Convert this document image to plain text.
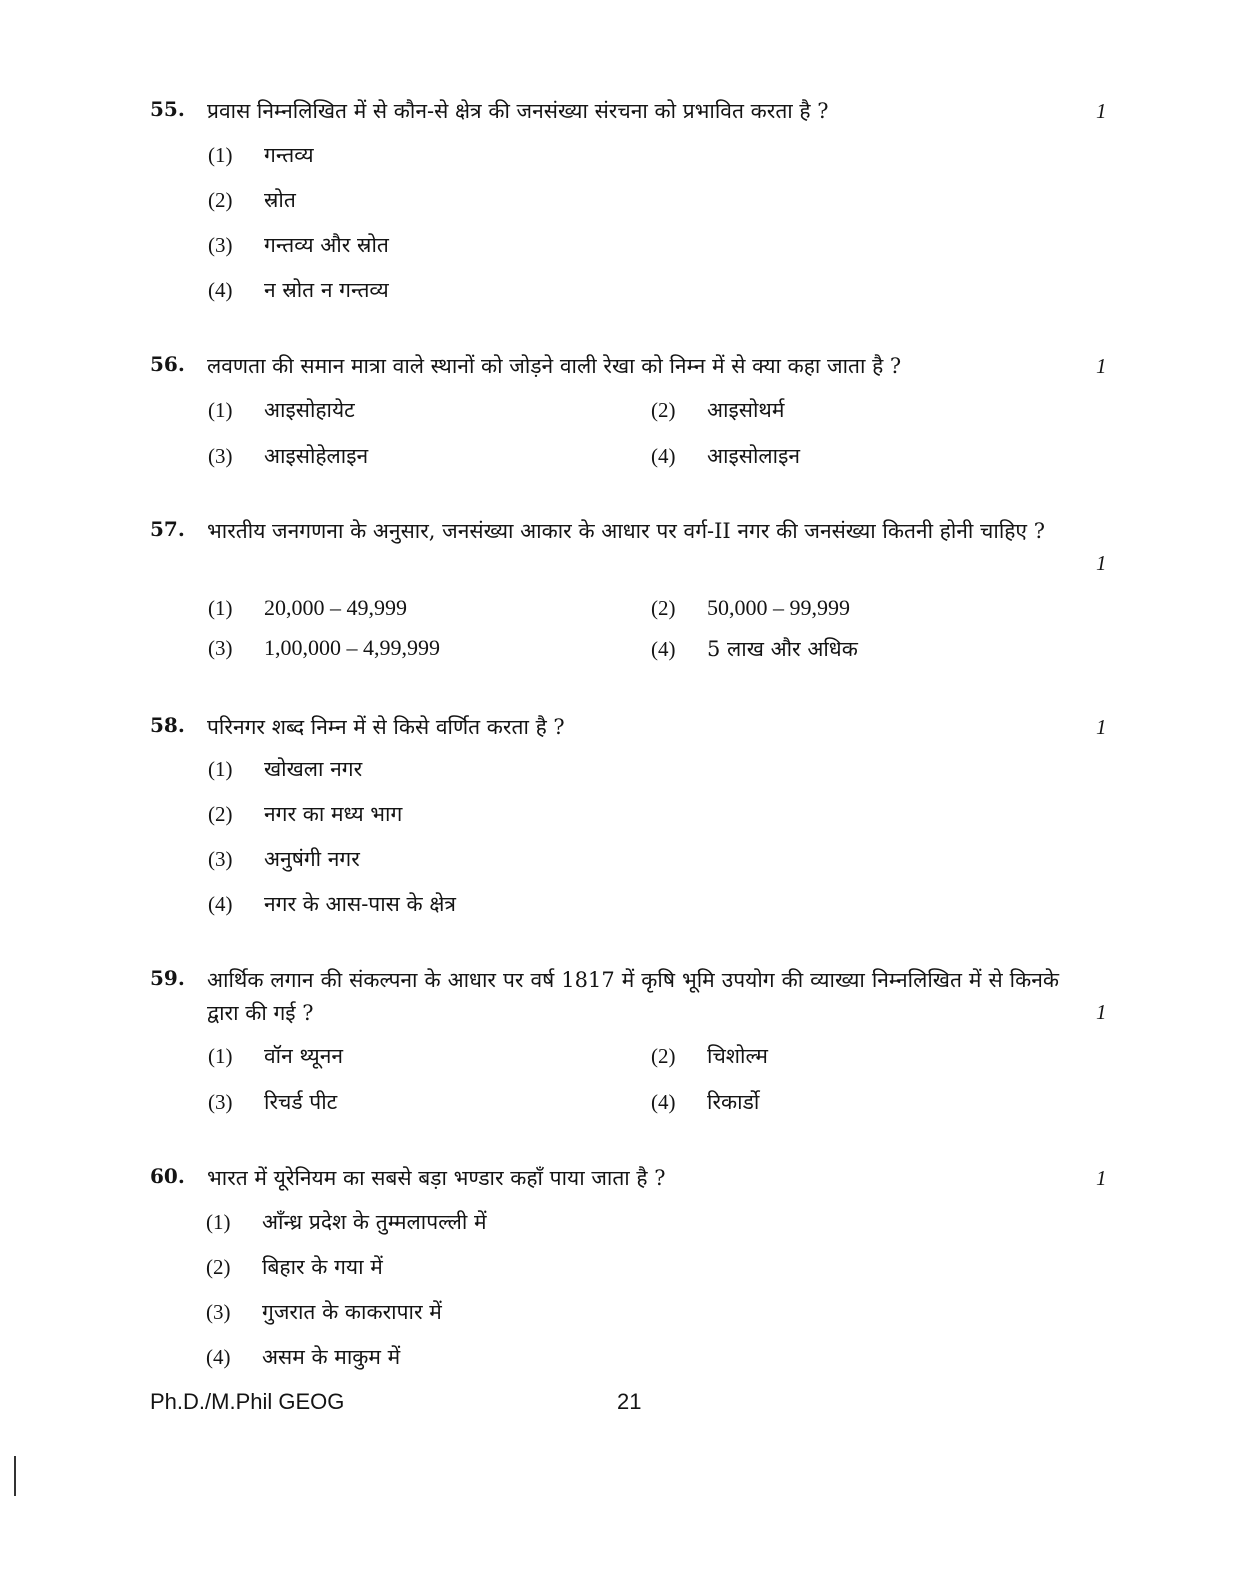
55. प्रवास निम्नलिखित में से कौन-से क्षेत्र की जनसंख्या संरचना को प्रभावित करता है ?	1
(1) गन्तव्य
(2) स्रोत
(3) गन्तव्य और स्रोत
(4) न स्रोत न गन्तव्य
56. लवणता की समान मात्रा वाले स्थानों को जोड़ने वाली रेखा को निम्न में से क्या कहा जाता है ?	1
(1) आइसोहायेट	(2) आइसोथर्म
(3) आइसोहेलाइन	(4) आइसोलाइन
57. भारतीय जनगणना के अनुसार, जनसंख्या आकार के आधार पर वर्ग-II नगर की जनसंख्या कितनी होनी चाहिए ?
1
(1) 20,000 – 49,999	(2) 50,000 – 99,999
(3) 1,00,000 – 4,99,999	(4) 5 लाख और अधिक
58. परिनगर शब्द निम्न में से किसे वर्णित करता है ?	1
(1) खोखला नगर
(2) नगर का मध्य भाग
(3) अनुषंगी नगर
(4) नगर के आस-पास के क्षेत्र
59. आर्थिक लगान की संकल्पना के आधार पर वर्ष 1817 में कृषि भूमि उपयोग की व्याख्या निम्नलिखित में से किनके द्वारा की गई ?	1
(1) वॉन थ्यूनन	(2) चिशोल्म
(3) रिचर्ड पीट	(4) रिकार्डो
60. भारत में यूरेनियम का सबसे बड़ा भण्डार कहाँ पाया जाता है ?	1
(1) आँन्ध्र प्रदेश के तुम्मलापल्ली में
(2) बिहार के गया में
(3) गुजरात के काकरापार में
(4) असम के माकुम में
Ph.D./M.Phil GEOG	21
